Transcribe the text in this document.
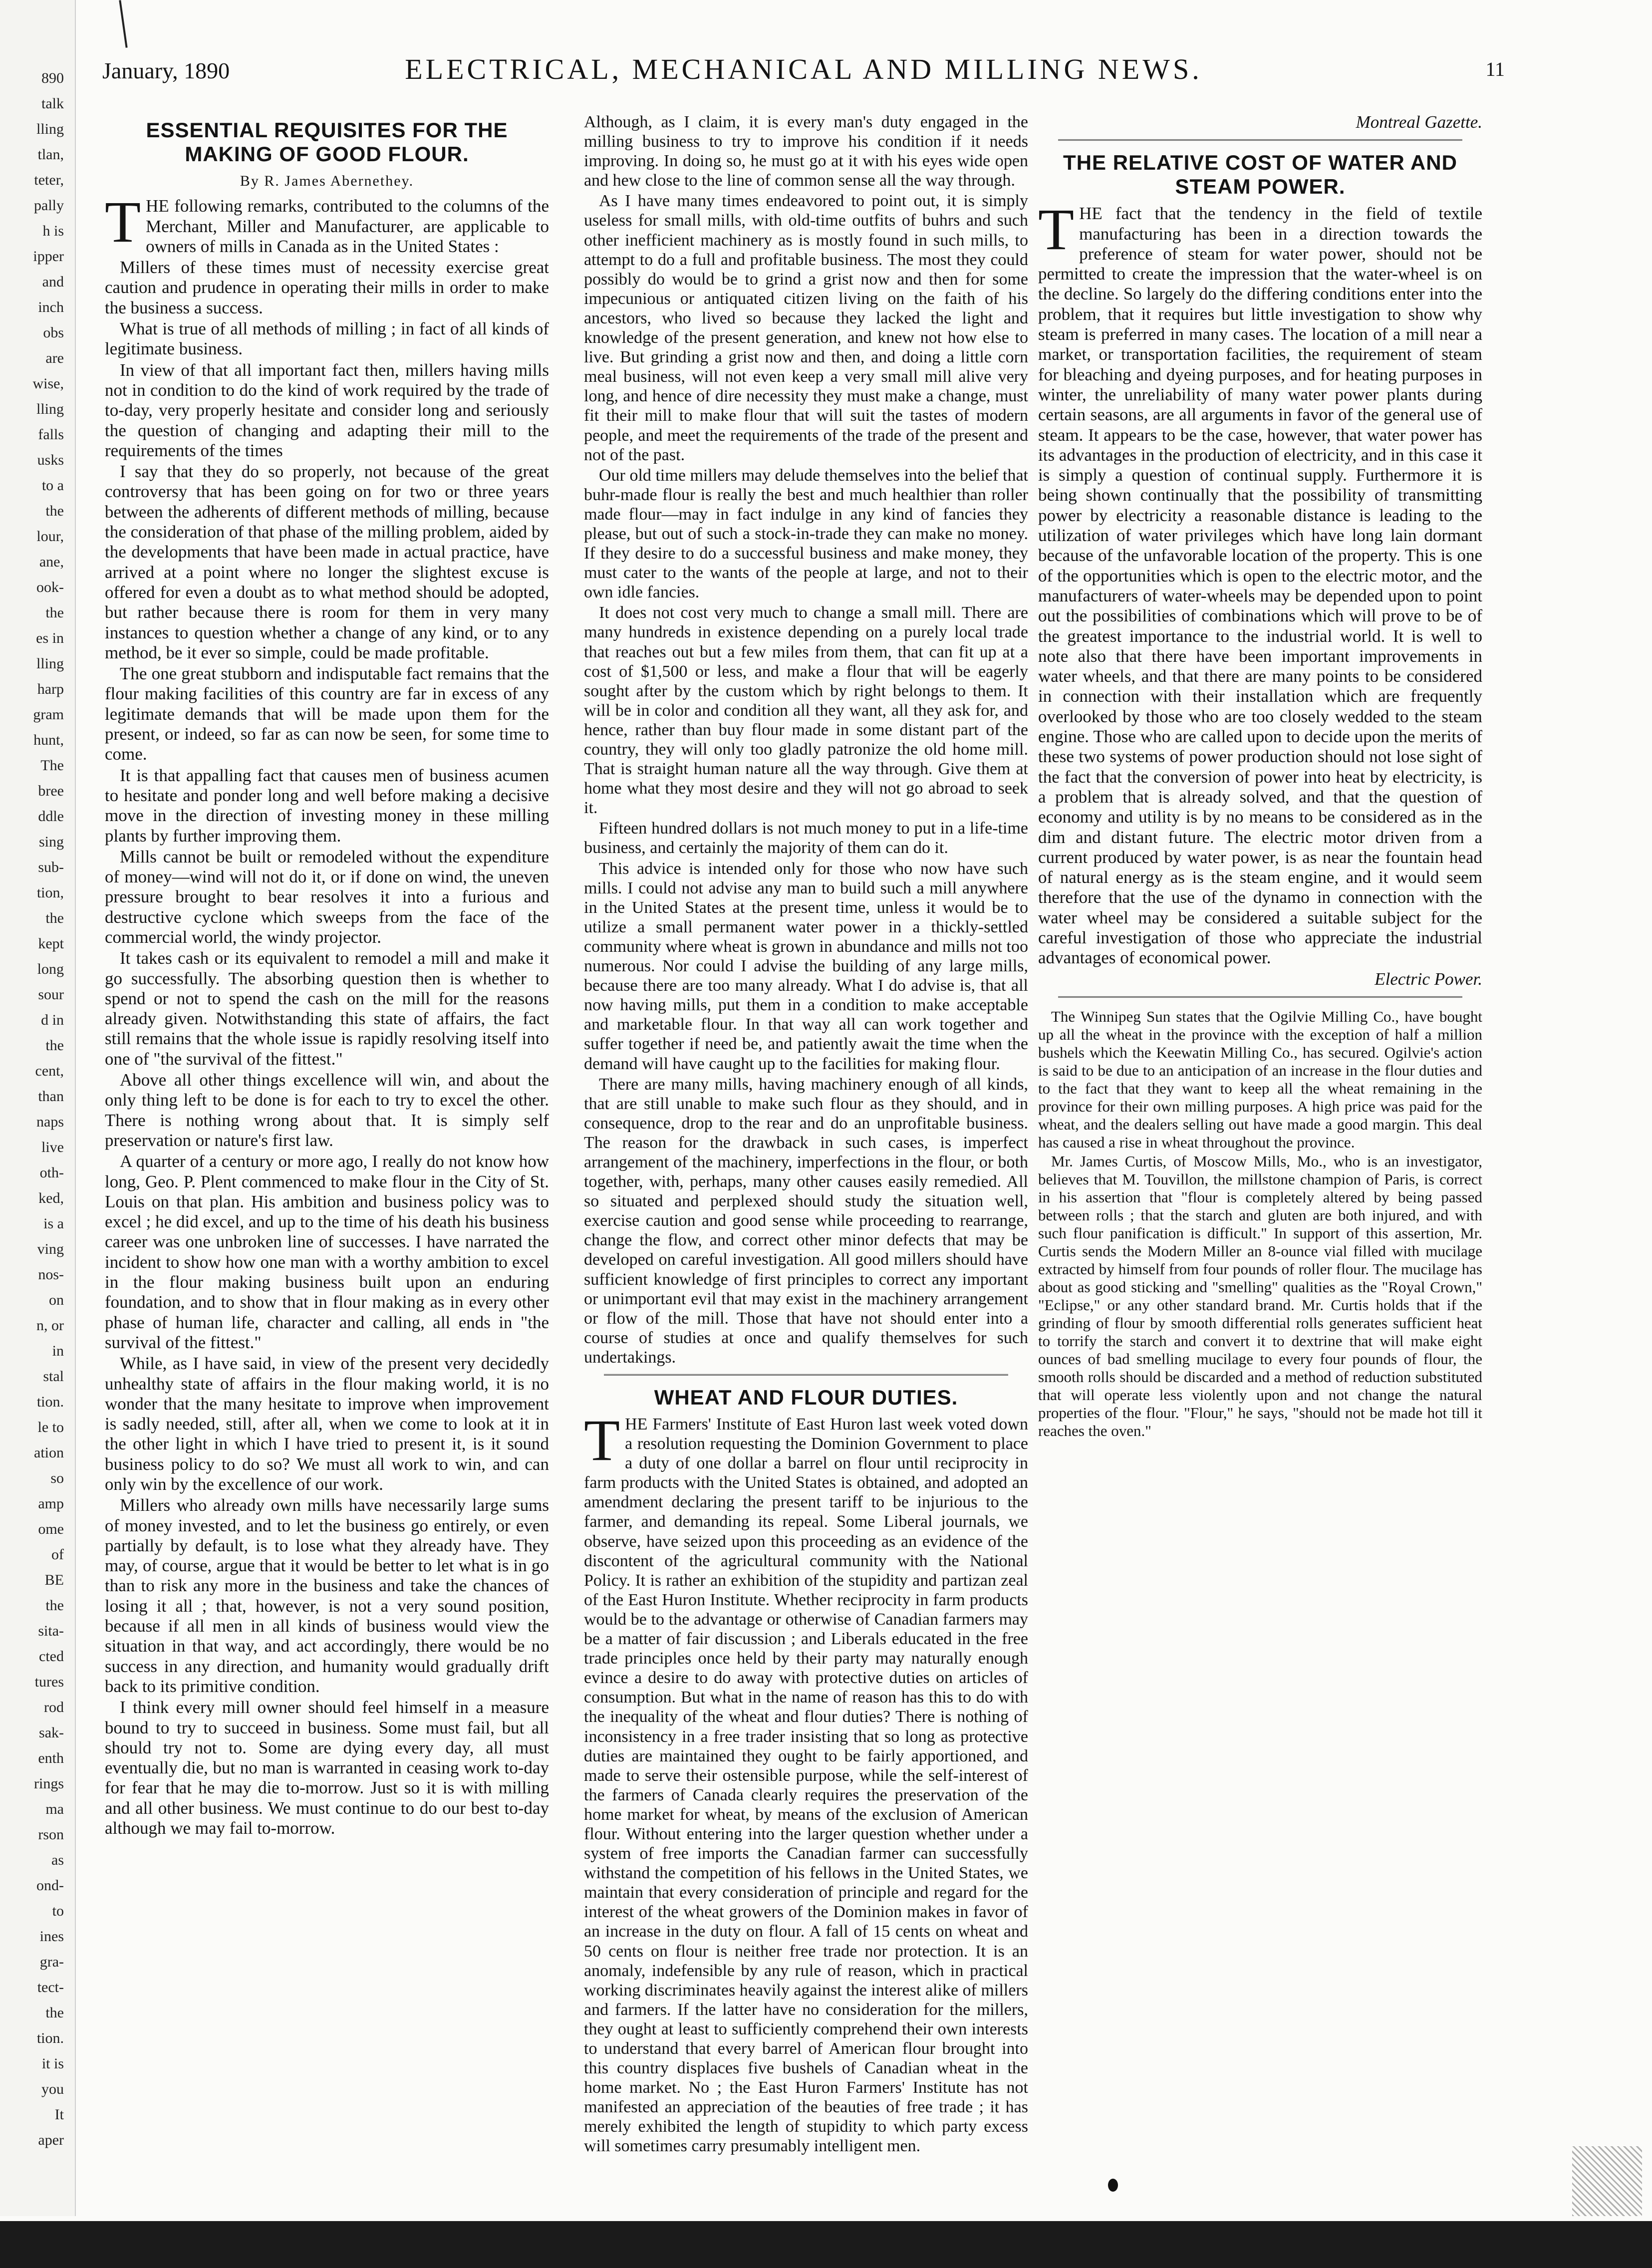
890
talk
lling
tlan,
teter,
pally
h is
ipper
and
inch
obs
are
wise,
lling
falls
usks
to a
the
lour,
ane,
ook-
the
es in
lling
harp
gram
hunt,
The
bree
ddle
sing
sub-
tion,
the
kept
long
sour
d in
the
cent,
than
naps
live
oth-
ked,
is a
ving
nos-
on
n, or
in
stal
tion.
le to
ation
so
amp
ome
of
BE
the
sita-
cted
tures
rod
sak-
enth
rings
ma
rson
as
ond-
to
ines
gra-
tect-
the
tion.
it is
you
It
aper
January, 1890	ELECTRICAL, MECHANICAL AND MILLING NEWS.	11
ESSENTIAL REQUISITES FOR THE MAKING OF GOOD FLOUR.
By R. James Abernethey.

THE following remarks, contributed to the columns of the Merchant, Miller and Manufacturer, are applicable to owners of mills in Canada as in the United States :

Millers of these times must of necessity exercise great caution and prudence in operating their mills in order to make the business a success.

What is true of all methods of milling ; in fact of all kinds of legitimate business.

In view of that all important fact then, millers having mills not in condition to do the kind of work required by the trade of to-day, very properly hesitate and consider long and seriously the question of changing and adapting their mill to the requirements of the times

I say that they do so properly, not because of the great controversy that has been going on for two or three years between the adherents of different methods of milling, because the consideration of that phase of the milling problem, aided by the developments that have been made in actual practice, have arrived at a point where no longer the slightest excuse is offered for even a doubt as to what method should be adopted, but rather because there is room for them in very many instances to question whether a change of any kind, or to any method, be it ever so simple, could be made profitable.

The one great stubborn and indisputable fact remains that the flour making facilities of this country are far in excess of any legitimate demands that will be made upon them for the present, or indeed, so far as can now be seen, for some time to come.

It is that appalling fact that causes men of business acumen to hesitate and ponder long and well before making a decisive move in the direction of investing money in these milling plants by further improving them.

Mills cannot be built or remodeled without the expenditure of money—wind will not do it, or if done on wind, the uneven pressure brought to bear resolves it into a furious and destructive cyclone which sweeps from the face of the commercial world, the windy projector.

It takes cash or its equivalent to remodel a mill and make it go successfully. The absorbing question then is whether to spend or not to spend the cash on the mill for the reasons already given. Notwithstanding this state of affairs, the fact still remains that the whole issue is rapidly resolving itself into one of "the survival of the fittest."

Above all other things excellence will win, and about the only thing left to be done is for each to try to excel the other. There is nothing wrong about that. It is simply self preservation or nature's first law.

A quarter of a century or more ago, I really do not know how long, Geo. P. Plent commenced to make flour in the City of St. Louis on that plan. His ambition and business policy was to excel ; he did excel, and up to the time of his death his business career was one unbroken line of successes. I have narrated the incident to show how one man with a worthy ambition to excel in the flour making business built upon an enduring foundation, and to show that in flour making as in every other phase of human life, character and calling, all ends in "the survival of the fittest."

While, as I have said, in view of the present very decidedly unhealthy state of affairs in the flour making world, it is no wonder that the many hesitate to improve when improvement is sadly needed, still, after all, when we come to look at it in the other light in which I have tried to present it, is it sound business policy to do so? We must all work to win, and can only win by the excellence of our work.

Millers who already own mills have necessarily large sums of money invested, and to let the business go entirely, or even partially by default, is to lose what they already have. They may, of course, argue that it would be better to let what is in go than to risk any more in the business and take the chances of losing it all ; that, however, is not a very sound position, because if all men in all kinds of business would view the situation in that way, and act accordingly, there would be no success in any direction, and humanity would gradually drift back to its primitive condition.

I think every mill owner should feel himself in a measure bound to try to succeed in business. Some must fail, but all should try not to. Some are dying every day, all must eventually die, but no man is warranted in ceasing work to-day for fear that he may die to-morrow. Just so it is with milling and all other business. We must continue to do our best to-day although we may fail to-morrow.

Although, as I claim, it is every man's duty engaged in the milling business to try to improve his condition if it needs improving. In doing so, he must go at it with his eyes wide open and hew close to the line of common sense all the way through.

As I have many times endeavored to point out, it is simply useless for small mills, with old-time outfits of buhrs and such other inefficient machinery as is mostly found in such mills, to attempt to do a full and profitable business. The most they could possibly do would be to grind a grist now and then for some impecunious or antiquated citizen living on the faith of his ancestors, who lived so because they lacked the light and knowledge of the present generation, and knew not how else to live. But grinding a grist now and then, and doing a little corn meal business, will not even keep a very small mill alive very long, and hence of dire necessity they must make a change, must fit their mill to make flour that will suit the tastes of modern people, and meet the requirements of the trade of the present and not of the past.

Our old time millers may delude themselves into the belief that buhr-made flour is really the best and much healthier than roller made flour—may in fact indulge in any kind of fancies they please, but out of such a stock-in-trade they can make no money. If they desire to do a successful business and make money, they must cater to the wants of the people at large, and not to their own idle fancies.

It does not cost very much to change a small mill. There are many hundreds in existence depending on a purely local trade that reaches out but a few miles from them, that can fit up at a cost of $1,500 or less, and make a flour that will be eagerly sought after by the custom which by right belongs to them. It will be in color and condition all they want, all they ask for, and hence, rather than buy flour made in some distant part of the country, they will only too gladly patronize the old home mill. That is straight human nature all the way through. Give them at home what they most desire and they will not go abroad to seek it.

Fifteen hundred dollars is not much money to put in a life-time business, and certainly the majority of them can do it.

This advice is intended only for those who now have such mills. I could not advise any man to build such a mill anywhere in the United States at the present time, unless it would be to utilize a small permanent water power in a thickly-settled community where wheat is grown in abundance and mills not too numerous. Nor could I advise the building of any large mills, because there are too many already. What I do advise is, that all now having mills, put them in a condition to make acceptable and marketable flour. In that way all can work together and suffer together if need be, and patiently await the time when the demand will have caught up to the facilities for making flour.

There are many mills, having machinery enough of all kinds, that are still unable to make such flour as they should, and in consequence, drop to the rear and do an unprofitable business. The reason for the drawback in such cases, is imperfect arrangement of the machinery, imperfections in the flour, or both together, with, perhaps, many other causes easily remedied. All so situated and perplexed should study the situation well, exercise caution and good sense while proceeding to rearrange, change the flow, and correct other minor defects that may be developed on careful investigation. All good millers should have sufficient knowledge of first principles to correct any important or unimportant evil that may exist in the machinery arrangement or flow of the mill. Those that have not should enter into a course of studies at once and qualify themselves for such undertakings.

WHEAT AND FLOUR DUTIES.

THE Farmers' Institute of East Huron last week voted down a resolution requesting the Dominion Government to place a duty of one dollar a barrel on flour until reciprocity in farm products with the United States is obtained, and adopted an amendment declaring the present tariff to be injurious to the farmer, and demanding its repeal. Some Liberal journals, we observe, have seized upon this proceeding as an evidence of the discontent of the agricultural community with the National Policy. It is rather an exhibition of the stupidity and partizan zeal of the East Huron Institute. Whether reciprocity in farm products would be to the advantage or otherwise of Canadian farmers may be a matter of fair discussion ; and Liberals educated in the free trade principles once held by their party may naturally enough evince a desire to do away with protective duties on articles of consumption. But what in the name of reason has this to do with the inequality of the wheat and flour duties? There is nothing of inconsistency in a free trader insisting that so long as protective duties are maintained they ought to be fairly apportioned, and made to serve their ostensible purpose, while the self-interest of the farmers of Canada clearly requires the preservation of the home market for wheat, by means of the exclusion of American flour. Without entering into the larger question whether under a system of free imports the Canadian farmer can successfully withstand the competition of his fellows in the United States, we maintain that every consideration of principle and regard for the interest of the wheat growers of the Dominion makes in favor of an increase in the duty on flour. A fall of 15 cents on wheat and 50 cents on flour is neither free trade nor protection. It is an anomaly, indefensible by any rule of reason, which in practical working discriminates heavily against the interest alike of millers and farmers. If the latter have no consideration for the millers, they ought at least to sufficiently comprehend their own interests to understand that every barrel of American flour brought into this country displaces five bushels of Canadian wheat in the home market. No ; the East Huron Farmers' Institute has not manifested an appreciation of the beauties of free trade ; it has merely exhibited the length of stupidity to which party excess will sometimes carry presumably intelligent men.

Montreal Gazette.

THE RELATIVE COST OF WATER AND STEAM POWER.

THE fact that the tendency in the field of textile manufacturing has been in a direction towards the preference of steam for water power, should not be permitted to create the impression that the water-wheel is on the decline. So largely do the differing conditions enter into the problem, that it requires but little investigation to show why steam is preferred in many cases. The location of a mill near a market, or transportation facilities, the requirement of steam for bleaching and dyeing purposes, and for heating purposes in winter, the unreliability of many water power plants during certain seasons, are all arguments in favor of the general use of steam. It appears to be the case, however, that water power has its advantages in the production of electricity, and in this case it is simply a question of continual supply. Furthermore it is being shown continually that the possibility of transmitting power by electricity a reasonable distance is leading to the utilization of water privileges which have long lain dormant because of the unfavorable location of the property. This is one of the opportunities which is open to the electric motor, and the manufacturers of water-wheels may be depended upon to point out the possibilities of combinations which will prove to be of the greatest importance to the industrial world. It is well to note also that there have been important improvements in water wheels, and that there are many points to be considered in connection with their installation which are frequently overlooked by those who are too closely wedded to the steam engine. Those who are called upon to decide upon the merits of these two systems of power production should not lose sight of the fact that the conversion of power into heat by electricity, is a problem that is already solved, and that the question of economy and utility is by no means to be considered as in the dim and distant future. The electric motor driven from a current produced by water power, is as near the fountain head of natural energy as is the steam engine, and it would seem therefore that the use of the dynamo in connection with the water wheel may be considered a suitable subject for the careful investigation of those who appreciate the industrial advantages of economical power.

Electric Power.

The Winnipeg Sun states that the Ogilvie Milling Co., have bought up all the wheat in the province with the exception of half a million bushels which the Keewatin Milling Co., has secured. Ogilvie's action is said to be due to an anticipation of an increase in the flour duties and to the fact that they want to keep all the wheat remaining in the province for their own milling purposes. A high price was paid for the wheat, and the dealers selling out have made a good margin. This deal has caused a rise in wheat throughout the province.

Mr. James Curtis, of Moscow Mills, Mo., who is an investigator, believes that M. Touvillon, the millstone champion of Paris, is correct in his assertion that "flour is completely altered by being passed between rolls ; that the starch and gluten are both injured, and with such flour panification is difficult." In support of this assertion, Mr. Curtis sends the Modern Miller an 8-ounce vial filled with mucilage extracted by himself from four pounds of roller flour. The mucilage has about as good sticking and "smelling" qualities as the "Royal Crown," "Eclipse," or any other standard brand. Mr. Curtis holds that if the grinding of flour by smooth differential rolls generates sufficient heat to torrify the starch and convert it to dextrine that will make eight ounces of bad smelling mucilage to every four pounds of flour, the smooth rolls should be discarded and a method of reduction substituted that will operate less violently upon and not change the natural properties of the flour. "Flour," he says, "should not be made hot till it reaches the oven."
